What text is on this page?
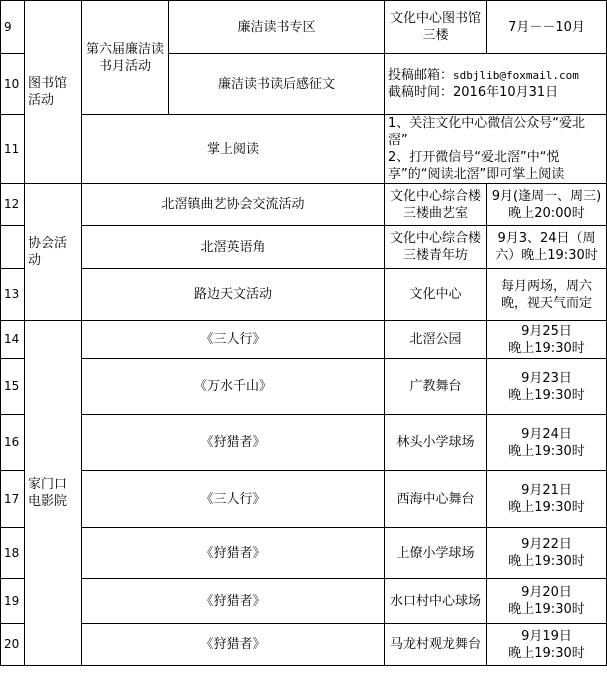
9	图书馆活动	第六届廉洁读书月活动	廉洁读书专区	文化中心图书馆三楼	7月－－10月
10			廉洁读书读后感征文	投稿邮箱：sdbjlib@foxmail.com截稿时间：2016年10月31日	
11		掌上阅读		1、关注文化中心微信公众号“爱北滘”
2、打开微信号“爱北滘”中“悦享”的“阅读北滘”即可掌上阅读	

12	协会活动	北滘镇曲艺协会交流活动		文化中心综合楼三楼曲艺室	9月(逢周一、周三)晚上20:00时
		北滘英语角		文化中心综合楼三楼青年坊	9月3、24日（周六）晚上19:30时
13		路边天文活动		文化中心	每月两场，周六晚，视天气而定
14	家门口电影院	《三人行》		北滘公园	9月25日
晚上19:30时

15		《万水千山》		广教舞台	9月23日
晚上19:30时

16		《狩猎者》		林头小学球场	9月24日
晚上19:30时

17		《三人行》		西海中心舞台	9月21日
晚上19:30时

18		《狩猎者》		上僚小学球场	9月22日
晚上19:30时

19		《狩猎者》		水口村中心球场	9月20日
晚上19:30时

20		《狩猎者》		马龙村观龙舞台	9月19日
晚上19:30时
